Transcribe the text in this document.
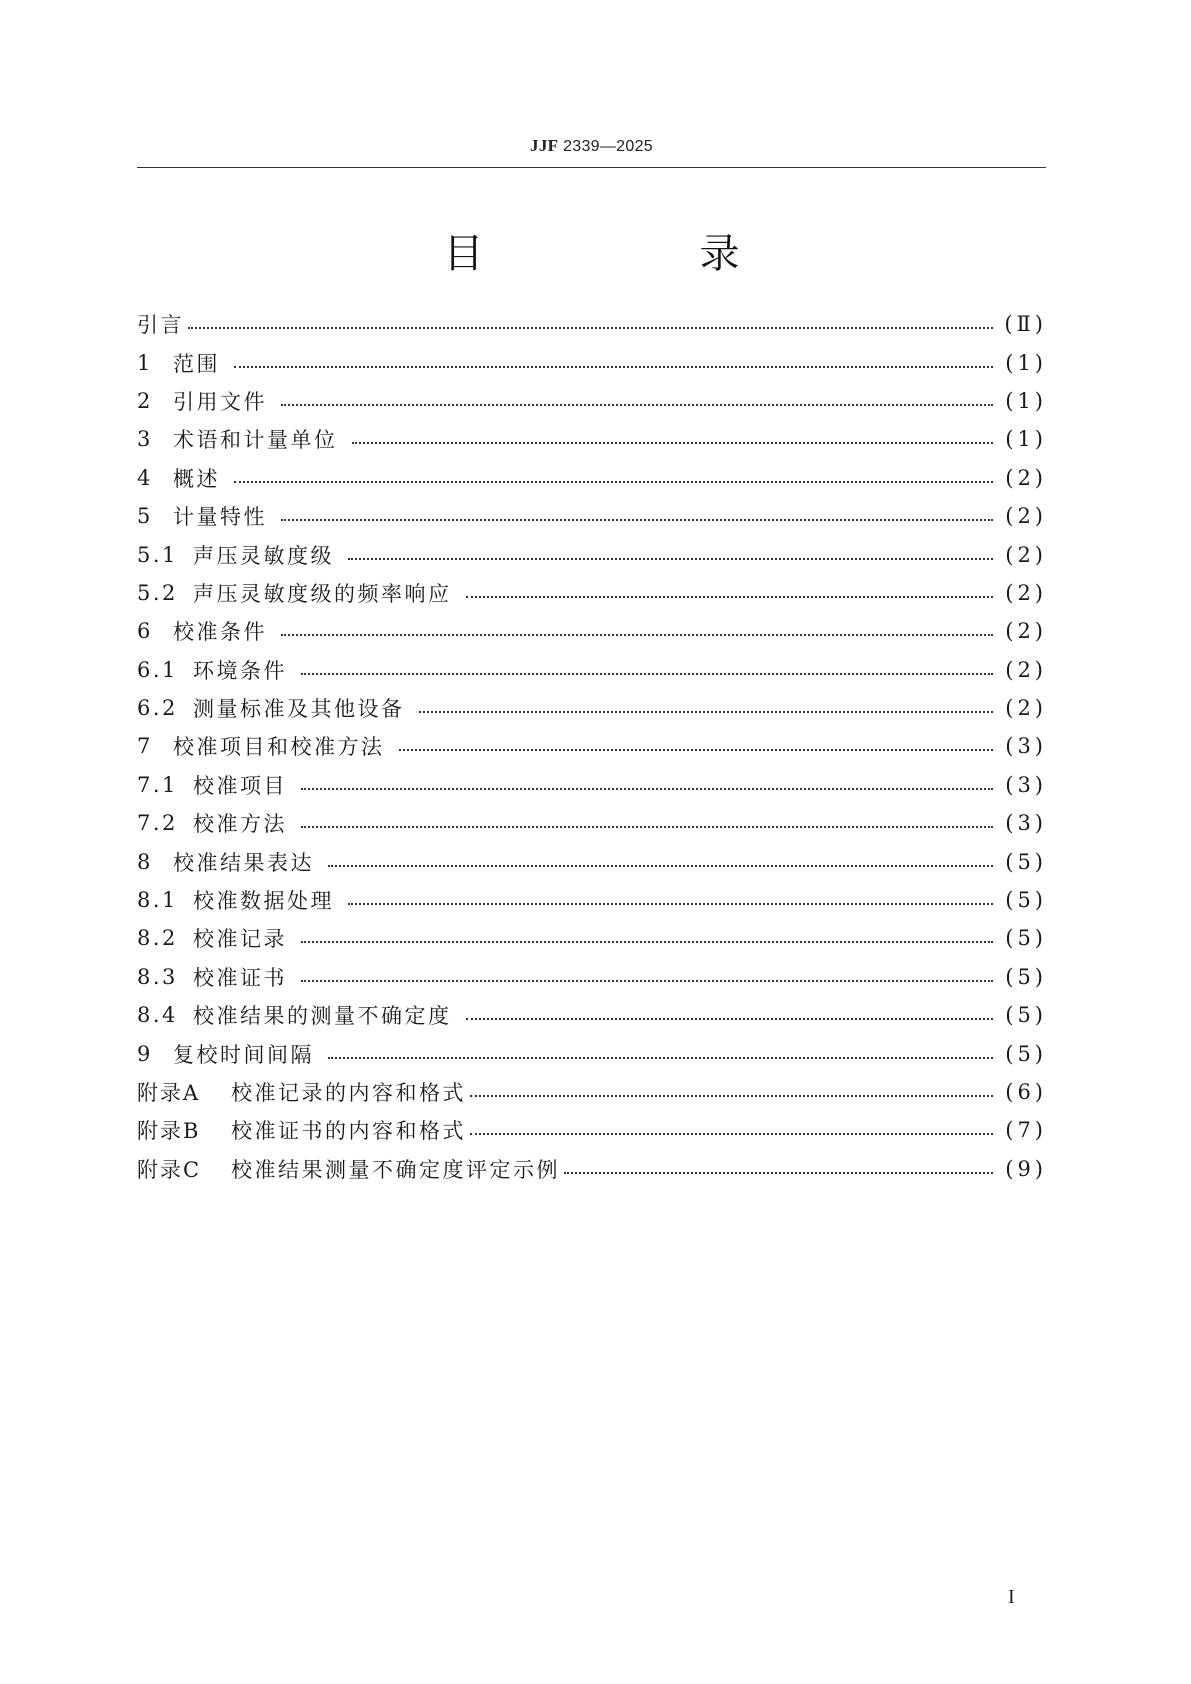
JJF 2339—2025
目　录
引言	(Ⅱ)
1 范围	(1)
2 引用文件	(1)
3 术语和计量单位	(1)
4 概述	(2)
5 计量特性	(2)
5.1 声压灵敏度级	(2)
5.2 声压灵敏度级的频率响应	(2)
6 校准条件	(2)
6.1 环境条件	(2)
6.2 测量标准及其他设备	(2)
7 校准项目和校准方法	(3)
7.1 校准项目	(3)
7.2 校准方法	(3)
8 校准结果表达	(5)
8.1 校准数据处理	(5)
8.2 校准记录	(5)
8.3 校准证书	(5)
8.4 校准结果的测量不确定度	(5)
9 复校时间间隔	(5)
附录A	校准记录的内容和格式	(6)
附录B	校准证书的内容和格式	(7)
附录C	校准结果测量不确定度评定示例	(9)
I
